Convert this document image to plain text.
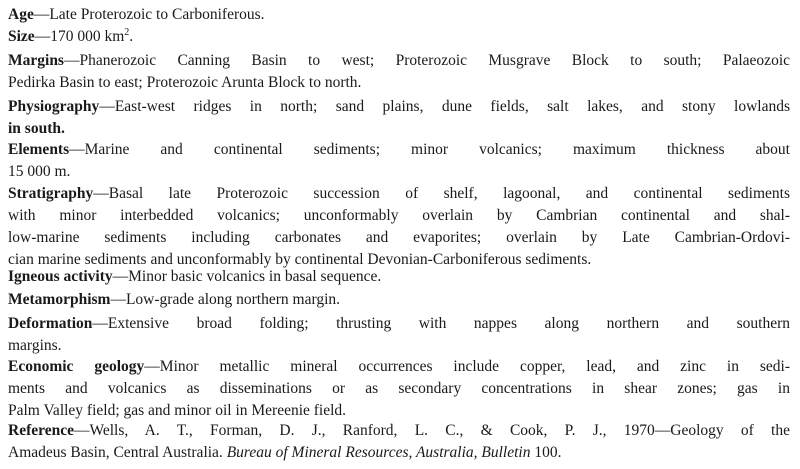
Age—Late Proterozoic to Carboniferous.
Size—170 000 $km^2$.
Margins—Phanerozoic Canning Basin to west; Proterozoic Musgrave Block to south; Palaeozoic
Pedirka Basin to east; Proterozoic Arunta Block to north.
Physiography—East-west ridges in north; sand plains, dune fields, salt lakes, and stony lowlands
in south.
Elements—Marine and continental sediments; minor volcanics; maximum thickness about
15 000 m.
Stratigraphy—Basal late Proterozoic succession of shelf, lagoonal, and continental sediments
with minor interbedded volcanics; unconformably overlain by Cambrian continental and shal-
low-marine sediments including carbonates and evaporites; overlain by Late Cambrian-Ordovi-
cian marine sediments and unconformably by continental Devonian-Carboniferous sediments.
Igneous activity—Minor basic volcanics in basal sequence.
Metamorphism—Low-grade along northern margin.
Deformation—Extensive broad folding; thrusting with nappes along northern and southern
margins.
Economic geology—Minor metallic mineral occurrences include copper, lead, and zinc in sedi-
ments and volcanics as disseminations or as secondary concentrations in shear zones; gas in
Palm Valley field; gas and minor oil in Mereenie field.
Reference—Wells, A. T., Forman, D. J., Ranford, L. C., & Cook, P. J., 1970—Geology of the
Amadeus Basin, Central Australia. Bureau of Mineral Resources, Australia, Bulletin 100.
